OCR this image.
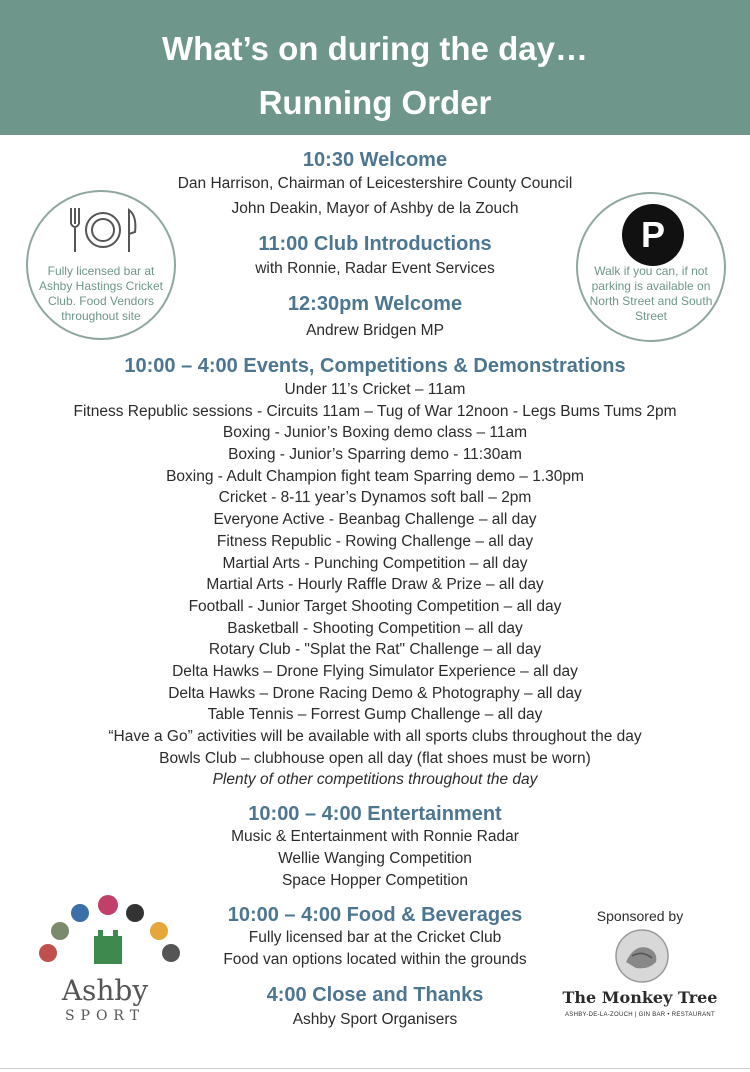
What’s on during the day…
Running Order
Fully licensed bar at Ashby Hastings Cricket Club. Food Vendors throughout site
P
Walk if you can, if not parking is available on North Street and South Street
10:30 Welcome
Dan Harrison, Chairman of Leicestershire County Council
John Deakin, Mayor of Ashby de la Zouch
11:00 Club Introductions
with Ronnie, Radar Event Services
12:30pm Welcome
Andrew Bridgen MP
10:00 – 4:00 Events, Competitions & Demonstrations
Under 11’s Cricket – 11am
Fitness Republic sessions - Circuits 11am – Tug of War 12noon - Legs Bums Tums 2pm
Boxing - Junior’s Boxing demo class – 11am
Boxing - Junior’s Sparring demo - 11:30am
Boxing - Adult Champion fight team Sparring demo – 1.30pm
Cricket - 8-11 year’s Dynamos soft ball – 2pm
Everyone Active - Beanbag Challenge – all day
Fitness Republic - Rowing Challenge – all day
Martial Arts - Punching Competition – all day
Martial Arts - Hourly Raffle Draw & Prize – all day
Football - Junior Target Shooting Competition – all day
Basketball - Shooting Competition – all day
Rotary Club - "Splat the Rat" Challenge – all day
Delta Hawks – Drone Flying Simulator Experience – all day
Delta Hawks – Drone Racing Demo & Photography – all day
Table Tennis – Forrest Gump Challenge – all day
“Have a Go” activities will be available with all sports clubs throughout the day
Bowls Club – clubhouse open all day (flat shoes must be worn)
Plenty of other competitions throughout the day
10:00 – 4:00 Entertainment
Music & Entertainment with Ronnie Radar
Wellie Wanging Competition
Space Hopper Competition
10:00 – 4:00 Food & Beverages
Fully licensed bar at the Cricket Club
Food van options located within the grounds
4:00 Close and Thanks
Ashby Sport Organisers
Ashby
SPORT
Sponsored by
The Monkey Tree
ASHBY-DE-LA-ZOUCH | GIN BAR • RESTAURANT
